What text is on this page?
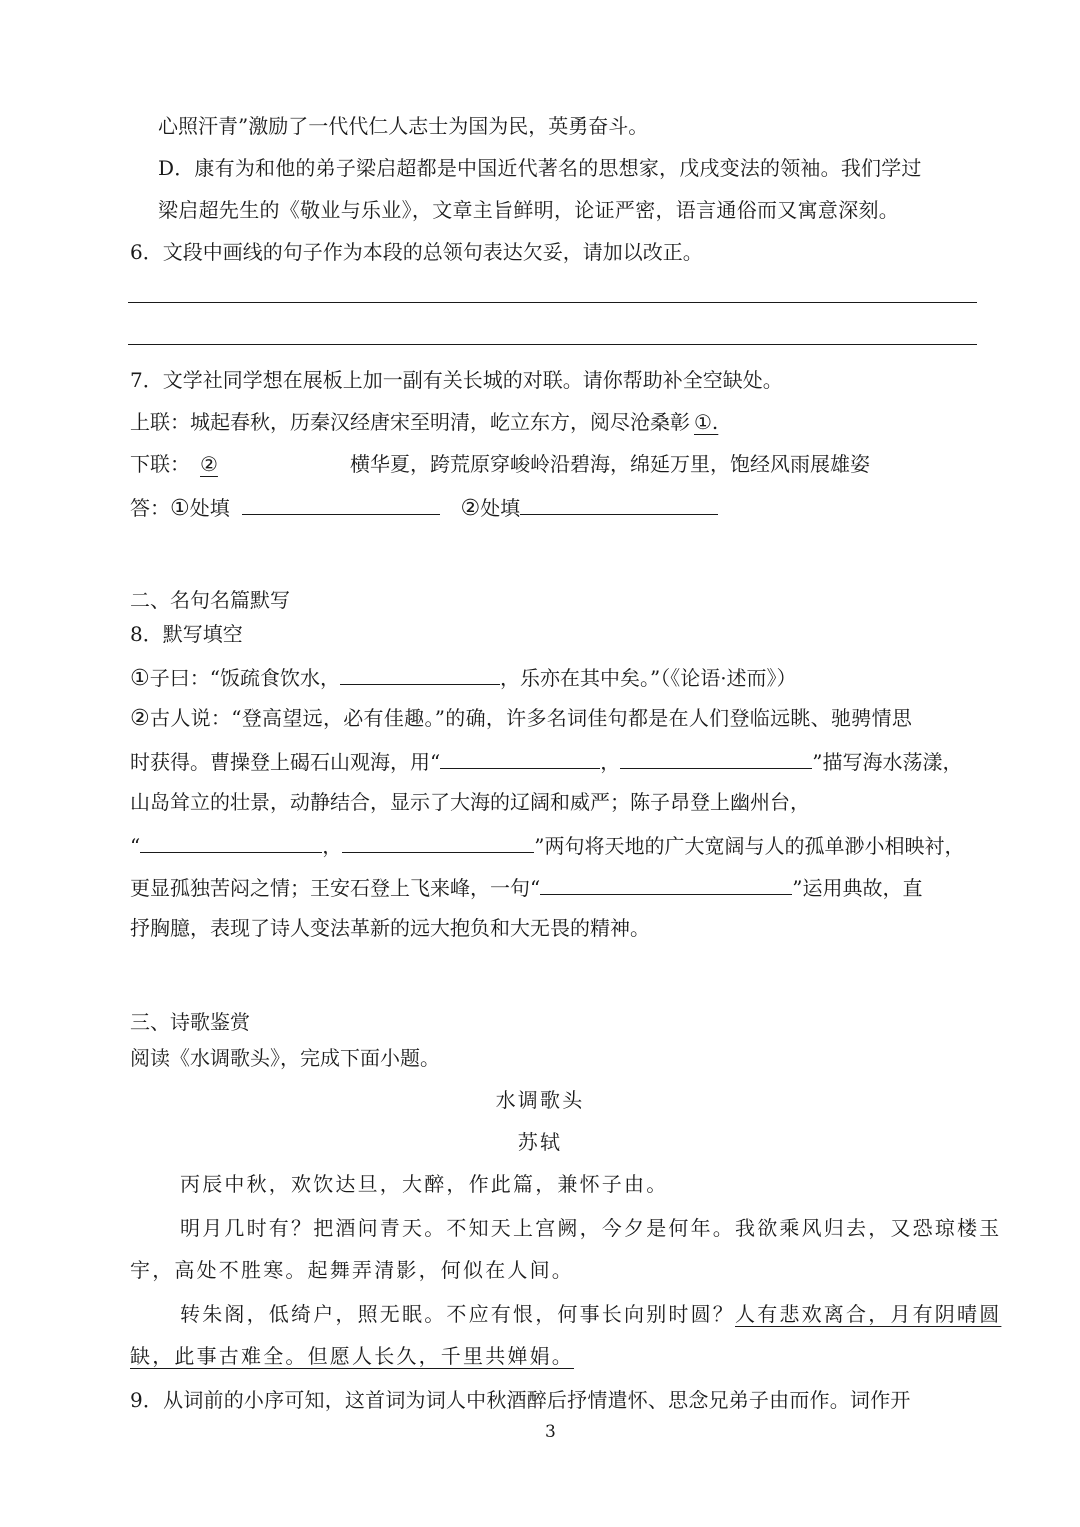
心照汗青”激励了一代代仁人志士为国为民，英勇奋斗。
D．康有为和他的弟子梁启超都是中国近代著名的思想家，戊戌变法的领袖。我们学过
梁启超先生的《敬业与乐业》，文章主旨鲜明，论证严密，语言通俗而又寓意深刻。
6．文段中画线的句子作为本段的总领句表达欠妥，请加以改正。
7．文学社同学想在展板上加一副有关长城的对联。请你帮助补全空缺处。
上联：城起春秋，历秦汉经唐宋至明清，屹立东方，阅尽沧桑彰 ①.
下联： ②	横华夏，跨荒原穿峻岭沿碧海，绵延万里，饱经风雨展雄姿
答：①处填	②处填
二、名句名篇默写
8．默写填空
①子曰：“饭疏食饮水，	，乐亦在其中矣。”（《论语·述而》）
②古人说：“登高望远，必有佳趣。”的确，许多名词佳句都是在人们登临远眺、驰骋情思
时获得。曹操登上碣石山观海，用“	，	”描写海水荡漾，
山岛耸立的壮景，动静结合，显示了大海的辽阔和威严；陈子昂登上幽州台，
“	，	”两句将天地的广大宽阔与人的孤单渺小相映衬，
更显孤独苦闷之情；王安石登上飞来峰，一句“	”运用典故，直
抒胸臆，表现了诗人变法革新的远大抱负和大无畏的精神。
三、诗歌鉴赏
阅读《水调歌头》，完成下面小题。
水调歌头
苏轼
丙辰中秋，欢饮达旦，大醉，作此篇，兼怀子由。
明月几时有？把酒问青天。不知天上宫阙，今夕是何年。我欲乘风归去，又恐琼楼玉
宇，高处不胜寒。起舞弄清影，何似在人间。
转朱阁，低绮户，照无眠。不应有恨，何事长向别时圆？人有悲欢离合，月有阴晴圆
缺，此事古难全。但愿人长久，千里共婵娟。
9．从词前的小序可知，这首词为词人中秋酒醉后抒情遣怀、思念兄弟子由而作。词作开
3
